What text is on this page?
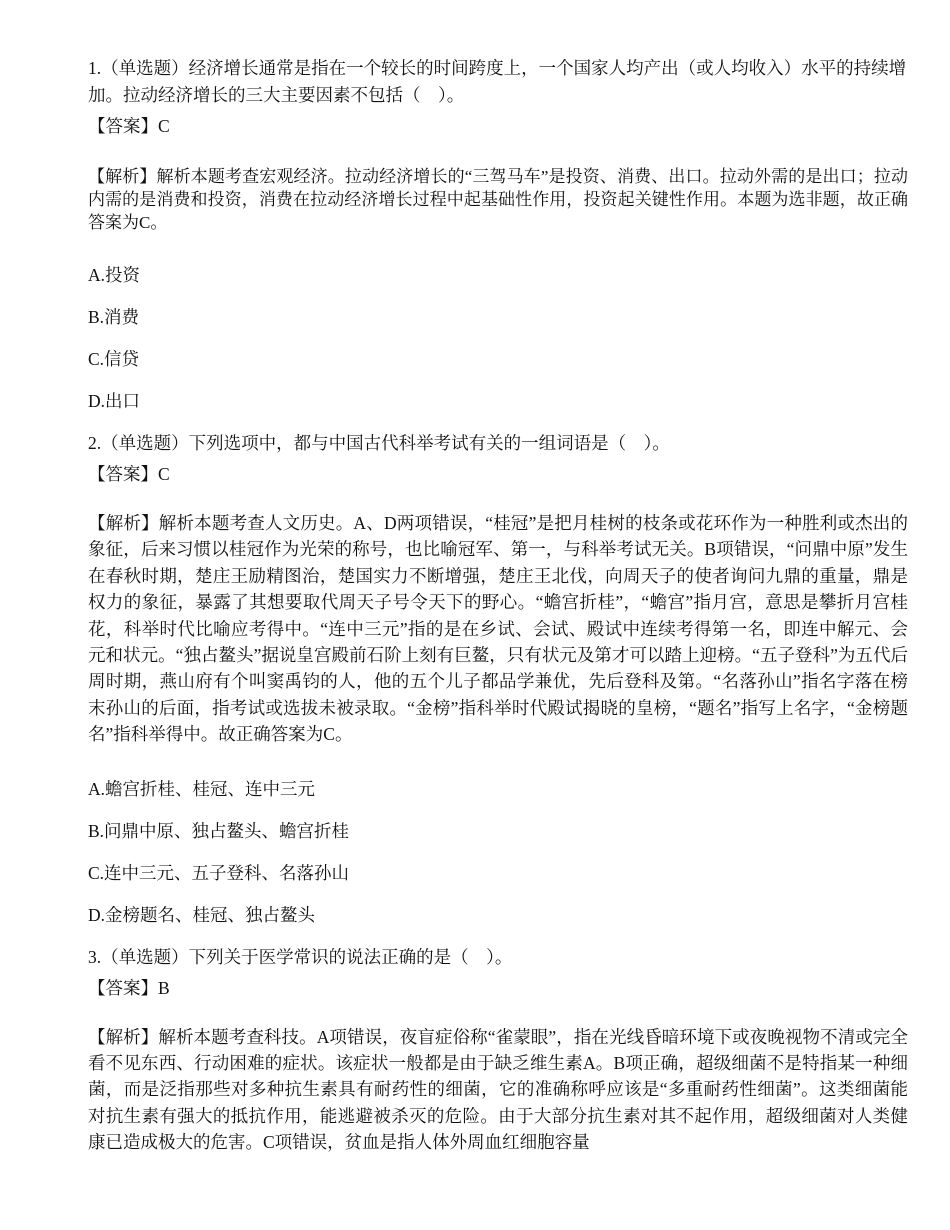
1.（单选题）经济增长通常是指在一个较长的时间跨度上，一个国家人均产出（或人均收入）水平的持续增加。拉动经济增长的三大主要因素不包括（　）。

【答案】C

【解析】解析本题考查宏观经济。拉动经济增长的“三驾马车”是投资、消费、出口。拉动外需的是出口；拉动内需的是消费和投资，消费在拉动经济增长过程中起基础性作用，投资起关键性作用。本题为选非题，故正确答案为C。

A.投资
B.消费
C.信贷
D.出口

2.（单选题）下列选项中，都与中国古代科举考试有关的一组词语是（　）。

【答案】C

【解析】解析本题考查人文历史。A、D两项错误，“桂冠”是把月桂树的枝条或花环作为一种胜利或杰出的象征，后来习惯以桂冠作为光荣的称号，也比喻冠军、第一，与科举考试无关。B项错误，“问鼎中原”发生在春秋时期，楚庄王励精图治，楚国实力不断增强，楚庄王北伐，向周天子的使者询问九鼎的重量，鼎是权力的象征，暴露了其想要取代周天子号令天下的野心。“蟾宫折桂”，“蟾宫”指月宫，意思是攀折月宫桂花，科举时代比喻应考得中。“连中三元”指的是在乡试、会试、殿试中连续考得第一名，即连中解元、会元和状元。“独占鳌头”据说皇宫殿前石阶上刻有巨鳌，只有状元及第才可以踏上迎榜。“五子登科”为五代后周时期，燕山府有个叫窦禹钧的人，他的五个儿子都品学兼优，先后登科及第。“名落孙山”指名字落在榜末孙山的后面，指考试或选拔未被录取。“金榜”指科举时代殿试揭晓的皇榜，“题名”指写上名字，“金榜题名”指科举得中。故正确答案为C。

A.蟾宫折桂、桂冠、连中三元
B.问鼎中原、独占鳌头、蟾宫折桂
C.连中三元、五子登科、名落孙山
D.金榜题名、桂冠、独占鳌头

3.（单选题）下列关于医学常识的说法正确的是（　）。

【答案】B

【解析】解析本题考查科技。A项错误，夜盲症俗称“雀蒙眼”，指在光线昏暗环境下或夜晚视物不清或完全看不见东西、行动困难的症状。该症状一般都是由于缺乏维生素A。B项正确，超级细菌不是特指某一种细菌，而是泛指那些对多种抗生素具有耐药性的细菌，它的准确称呼应该是“多重耐药性细菌”。这类细菌能对抗生素有强大的抵抗作用，能逃避被杀灭的危险。由于大部分抗生素对其不起作用，超级细菌对人类健康已造成极大的危害。C项错误，贫血是指人体外周血红细胞容量
